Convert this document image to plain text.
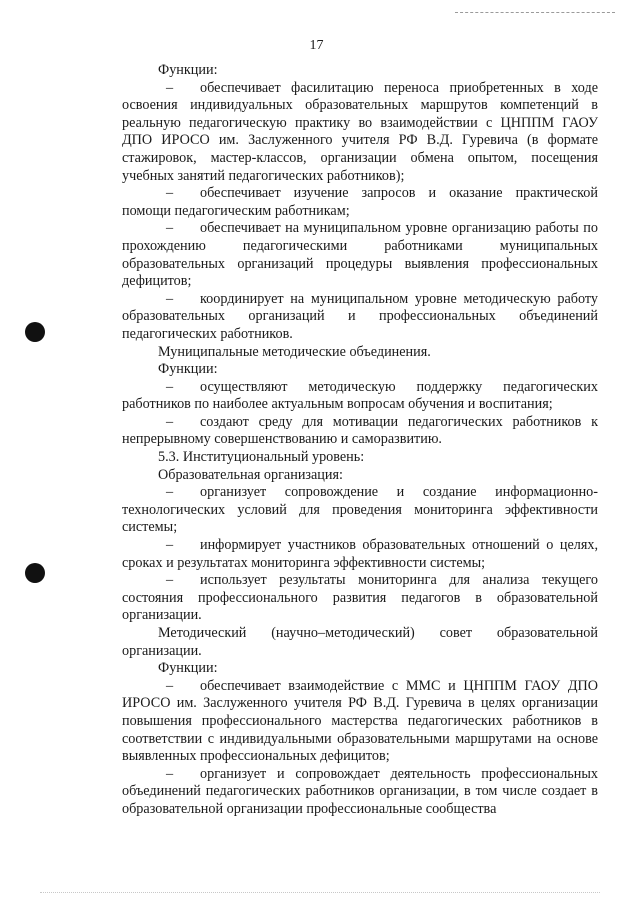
17

Функции:

– обеспечивает фасилитацию переноса приобретенных в ходе освоения индивидуальных образовательных маршрутов компетенций в реальную педагогическую практику во взаимодействии с ЦНППМ ГАОУ ДПО ИРОСО им. Заслуженного учителя РФ В.Д. Гуревича (в формате стажировок, мастер-классов, организации обмена опытом, посещения учебных занятий педагогических работников);

– обеспечивает изучение запросов и оказание практической помощи педагогическим работникам;

– обеспечивает на муниципальном уровне организацию работы по прохождению педагогическими работниками муниципальных образовательных организаций процедуры выявления профессиональных дефицитов;

– координирует на муниципальном уровне методическую работу образовательных организаций и профессиональных объединений педагогических работников.

Муниципальные методические объединения.

Функции:

– осуществляют методическую поддержку педагогических работников по наиболее актуальным вопросам обучения и воспитания;

– создают среду для мотивации педагогических работников к непрерывному совершенствованию и саморазвитию.

5.3. Институциональный уровень:

Образовательная организация:

– организует сопровождение и создание информационно-технологических условий для проведения мониторинга эффективности системы;

– информирует участников образовательных отношений о целях, сроках и результатах мониторинга эффективности системы;

– использует результаты мониторинга для анализа текущего состояния профессионального развития педагогов в образовательной организации.

Методический (научно–методический) совет образовательной организации.

Функции:

– обеспечивает взаимодействие с ММС и ЦНППМ ГАОУ ДПО ИРОСО им. Заслуженного учителя РФ В.Д. Гуревича в целях организации повышения профессионального мастерства педагогических работников в соответствии с индивидуальными образовательными маршрутами на основе выявленных профессиональных дефицитов;

– организует и сопровождает деятельность профессиональных объединений педагогических работников организации, в том числе создает в образовательной организации профессиональные сообщества
